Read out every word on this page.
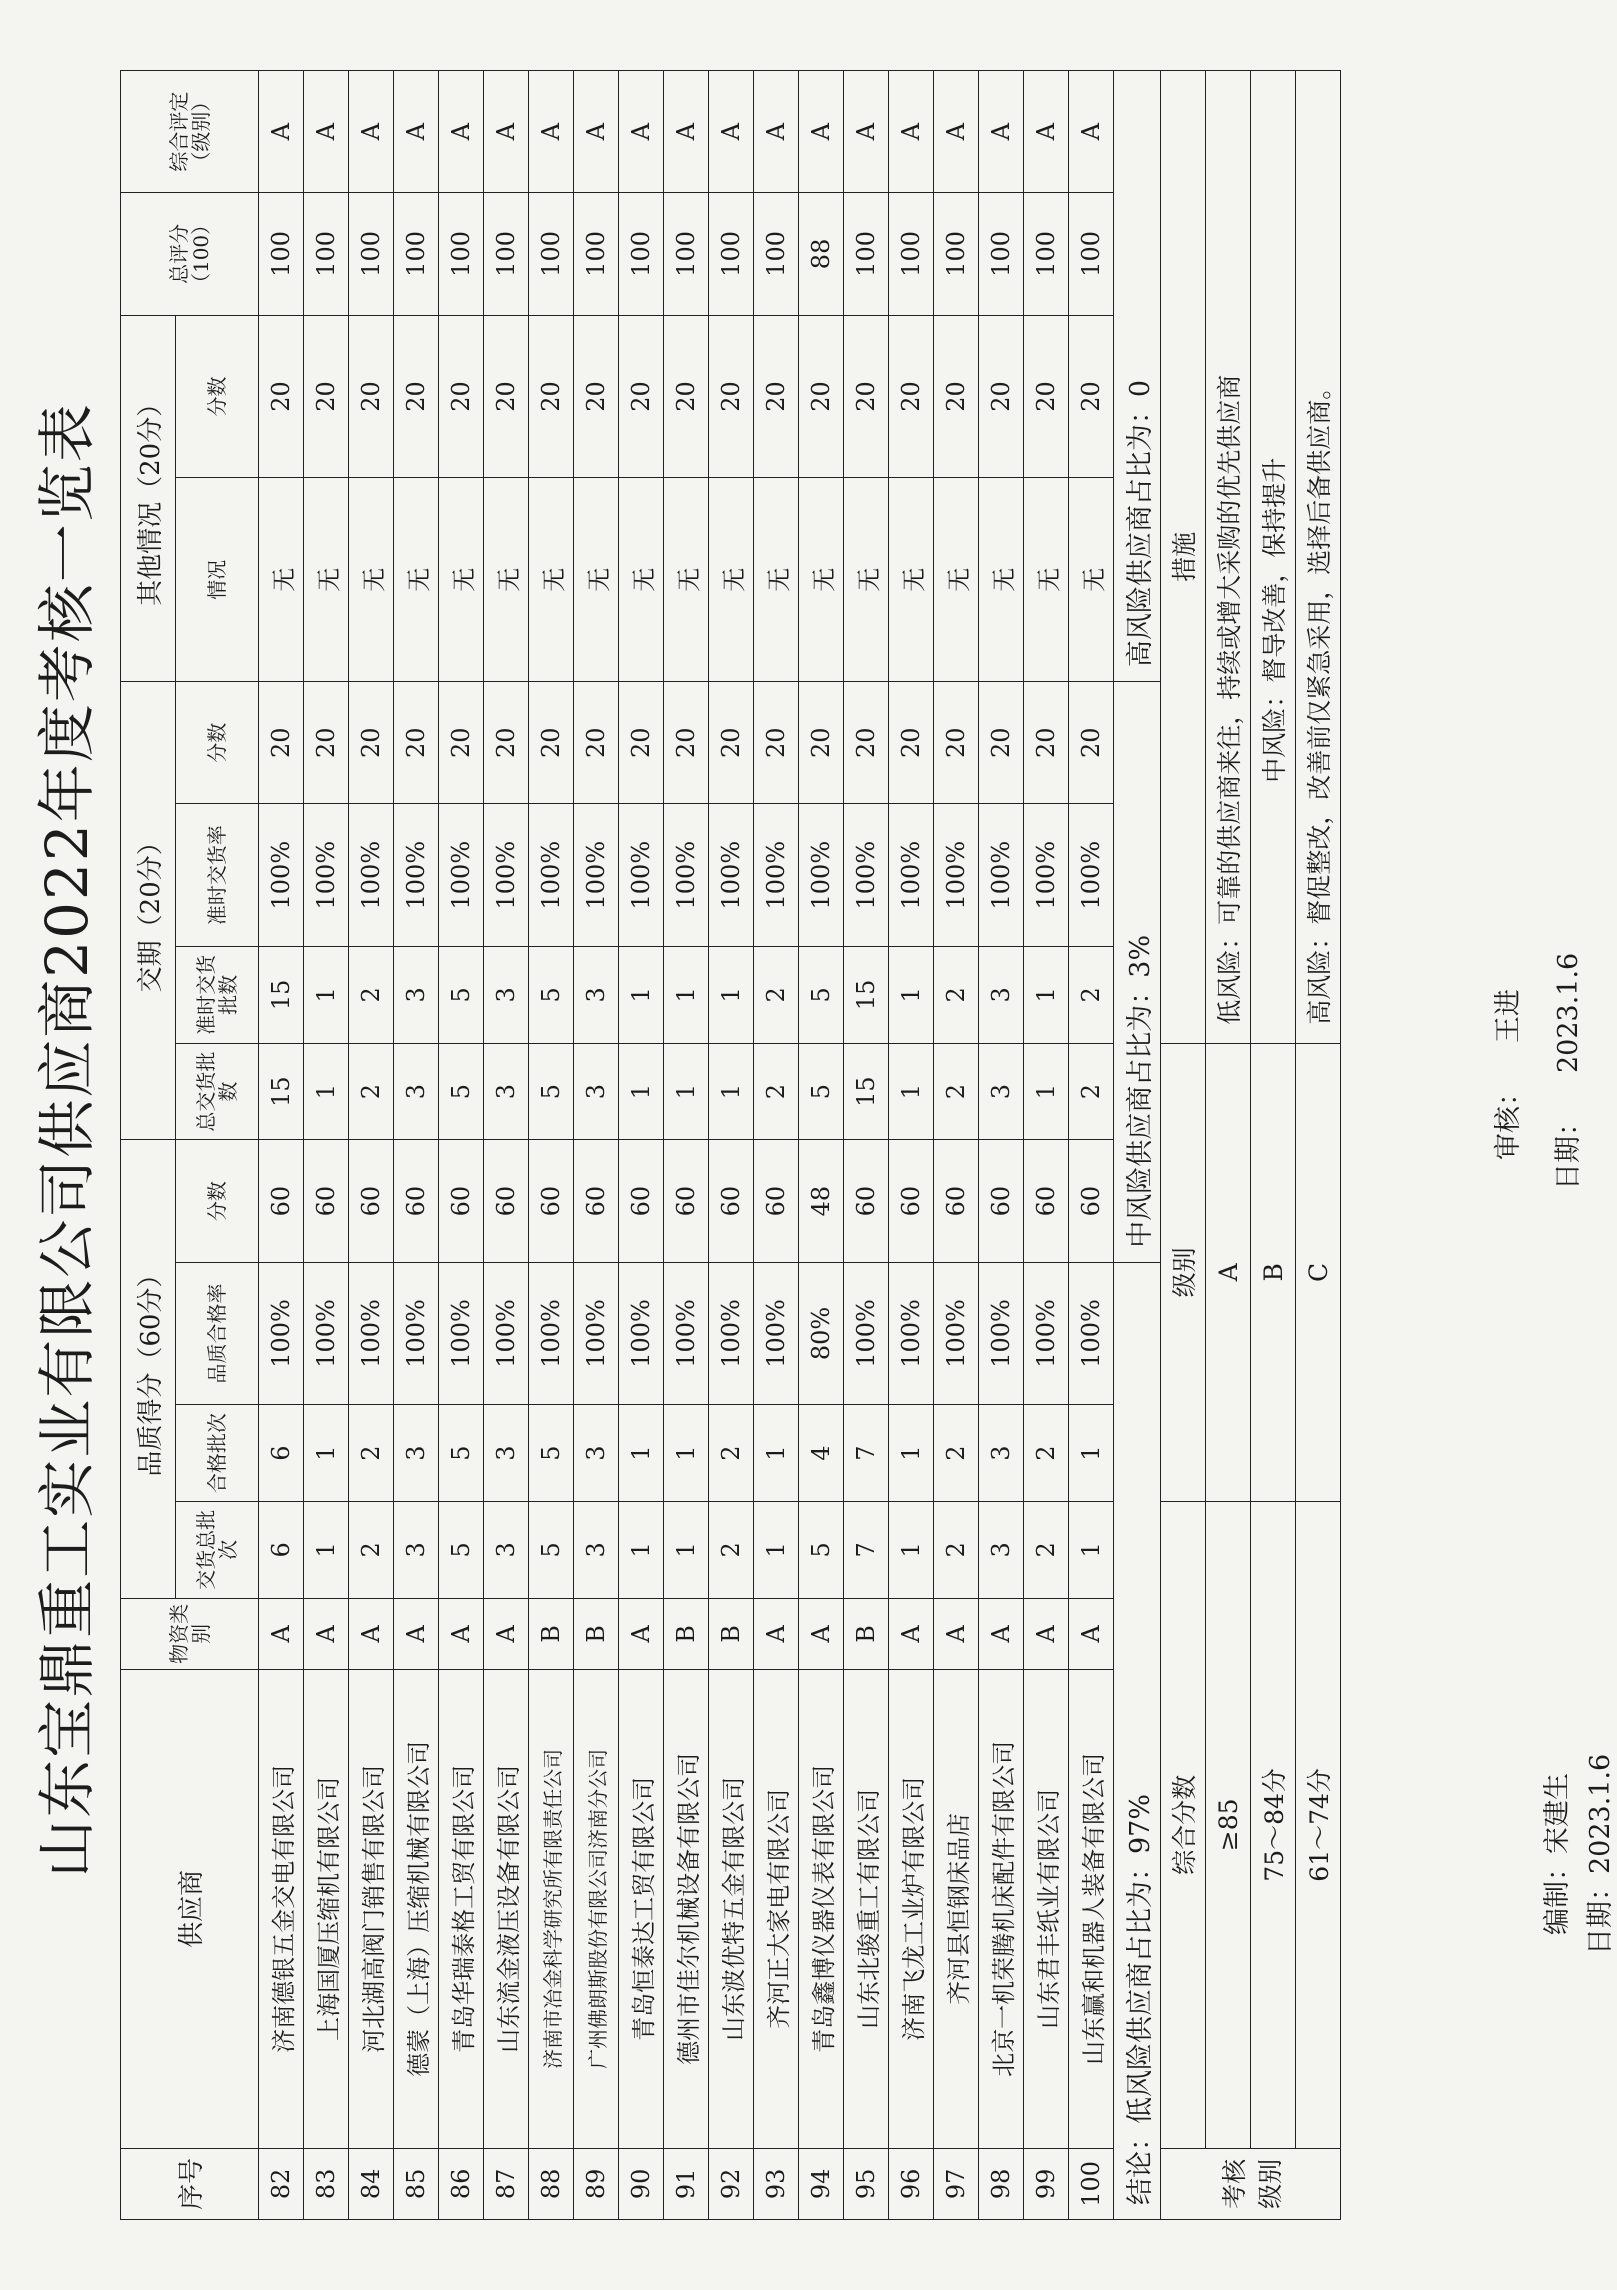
山东宝鼎重工实业有限公司供应商2022年度考核一览表
序号	供应商	物资类别	品质得分（60分）				交期（20分）				其他情况（20分）		总评分（100）	综合评定（级别）
			交货总批次	合格批次	品质合格率	分数	总交货批数	准时交货批数	准时交货率	分数	情况	分数		
82	济南德银五金交电有限公司	A	6	6	100%	60	15	15	100%	20	无	20	100	A
83	上海国厦压缩机有限公司	A	1	1	100%	60	1	1	100%	20	无	20	100	A
84	河北湖高阀门销售有限公司	A	2	2	100%	60	2	2	100%	20	无	20	100	A
85	德蒙（上海）压缩机械有限公司	A	3	3	100%	60	3	3	100%	20	无	20	100	A
86	青岛华瑞泰格工贸有限公司	A	5	5	100%	60	5	5	100%	20	无	20	100	A
87	山东流金液压设备有限公司	A	3	3	100%	60	3	3	100%	20	无	20	100	A
88	济南市冶金科学研究所有限责任公司	B	5	5	100%	60	5	5	100%	20	无	20	100	A
89	广州佛朗斯股份有限公司济南分公司	B	3	3	100%	60	3	3	100%	20	无	20	100	A
90	青岛恒泰达工贸有限公司	A	1	1	100%	60	1	1	100%	20	无	20	100	A
91	德州市佳尔机械设备有限公司	B	1	1	100%	60	1	1	100%	20	无	20	100	A
92	山东波优特五金有限公司	B	2	2	100%	60	1	1	100%	20	无	20	100	A
93	齐河正大家电有限公司	A	1	1	100%	60	2	2	100%	20	无	20	100	A
94	青岛鑫博仪器仪表有限公司	A	5	4	80%	48	5	5	100%	20	无	20	88	A
95	山东北骏重工有限公司	B	7	7	100%	60	15	15	100%	20	无	20	100	A
96	济南飞龙工业炉有限公司	A	1	1	100%	60	1	1	100%	20	无	20	100	A
97	齐河县恒钢床品店	A	2	2	100%	60	2	2	100%	20	无	20	100	A
98	北京一机荣腾机床配件有限公司	A	3	3	100%	60	3	3	100%	20	无	20	100	A
99	山东君丰纸业有限公司	A	2	2	100%	60	1	1	100%	20	无	20	100	A
100	山东赢和机器人装备有限公司	A	1	1	100%	60	2	2	100%	20	无	20	100	A
结论：低风险供应商占比为：97%						中风险供应商占比为：3%					高风险供应商占比为：0			
考核级别	综合分数			级别				措施						
	≥85			A				低风险：可靠的供应商来往，持续或增大采购的优先供应商						
	75～84分			B				中风险：督导改善，保持提升						
	61～74分			C				高风险：督促整改，改善前仅紧急采用，选择后备供应商。						
编制：宋建生
日期：2023.1.6
审核：王进
日期：2023.1.6
